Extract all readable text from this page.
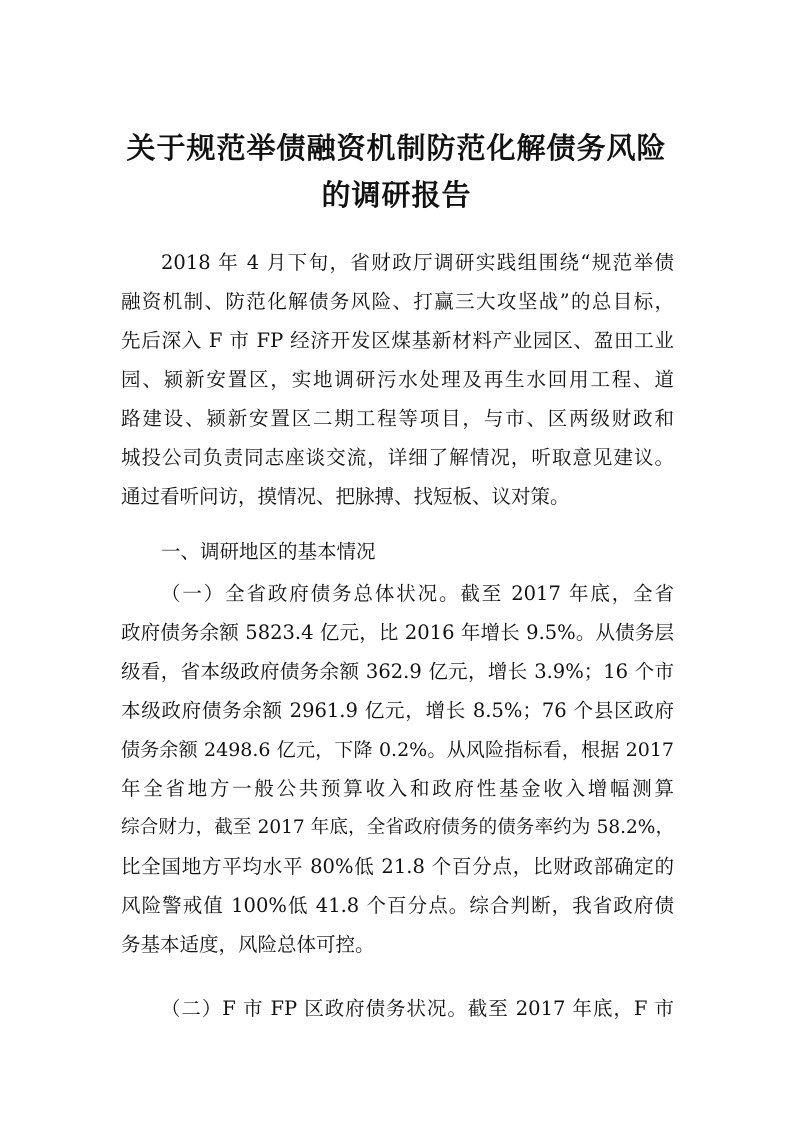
关于规范举债融资机制防范化解债务风险
的调研报告
2018 年 4 月下旬，省财政厅调研实践组围绕“规范举债
融资机制、防范化解债务风险、打赢三大攻坚战”的总目标，
先后深入 F 市 FP 经济开发区煤基新材料产业园区、盈田工业
园、颍新安置区，实地调研污水处理及再生水回用工程、道
路建设、颍新安置区二期工程等项目，与市、区两级财政和
城投公司负责同志座谈交流，详细了解情况，听取意见建议。
通过看听问访，摸情况、把脉搏、找短板、议对策。
一、调研地区的基本情况
（一）全省政府债务总体状况。截至 2017 年底，全省
政府债务余额 5823.4 亿元，比 2016 年增长 9.5%。从债务层
级看，省本级政府债务余额 362.9 亿元，增长 3.9%；16 个市
本级政府债务余额 2961.9 亿元，增长 8.5%；76 个县区政府
债务余额 2498.6 亿元，下降 0.2%。从风险指标看，根据 2017
年全省地方一般公共预算收入和政府性基金收入增幅测算
综合财力，截至 2017 年底，全省政府债务的债务率约为 58.2%，
比全国地方平均水平 80%低 21.8 个百分点，比财政部确定的
风险警戒值 100%低 41.8 个百分点。综合判断，我省政府债
务基本适度，风险总体可控。
（二）F 市 FP 区政府债务状况。截至 2017 年底，F 市
